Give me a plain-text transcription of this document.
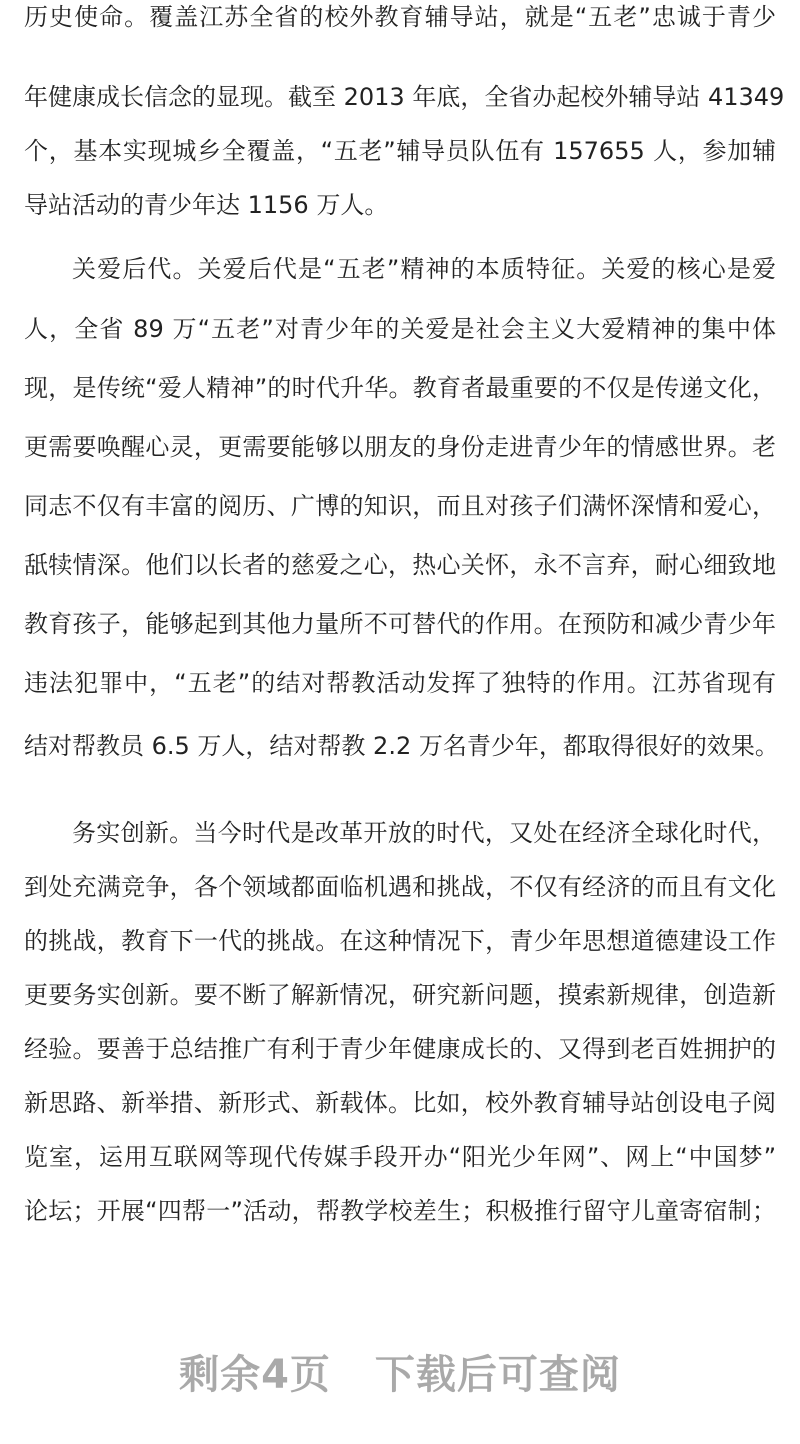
历史使命。覆盖江苏全省的校外教育辅导站，就是“五老”忠诚于青少
年健康成长信念的显现。截至 2013 年底，全省办起校外辅导站 41349
个，基本实现城乡全覆盖，“五老”辅导员队伍有 157655 人，参加辅
导站活动的青少年达 1156 万人。
关爱后代。关爱后代是“五老”精神的本质特征。关爱的核心是爱
人，全省 89 万“五老”对青少年的关爱是社会主义大爱精神的集中体
现，是传统“爱人精神”的时代升华。教育者最重要的不仅是传递文化，
更需要唤醒心灵，更需要能够以朋友的身份走进青少年的情感世界。老
同志不仅有丰富的阅历、广博的知识，而且对孩子们满怀深情和爱心，
舐犊情深。他们以长者的慈爱之心，热心关怀，永不言弃，耐心细致地
教育孩子，能够起到其他力量所不可替代的作用。在预防和减少青少年
违法犯罪中，“五老”的结对帮教活动发挥了独特的作用。江苏省现有
结对帮教员 6.5 万人，结对帮教 2.2 万名青少年，都取得很好的效果。
务实创新。当今时代是改革开放的时代，又处在经济全球化时代，
到处充满竞争，各个领域都面临机遇和挑战，不仅有经济的而且有文化
的挑战，教育下一代的挑战。在这种情况下，青少年思想道德建设工作
更要务实创新。要不断了解新情况，研究新问题，摸索新规律，创造新
经验。要善于总结推广有利于青少年健康成长的、又得到老百姓拥护的
新思路、新举措、新形式、新载体。比如，校外教育辅导站创设电子阅
览室，运用互联网等现代传媒手段开办“阳光少年网”、网上“中国梦”
论坛；开展“四帮一”活动，帮教学校差生；积极推行留守儿童寄宿制；
剩余4页 下载后可查阅
